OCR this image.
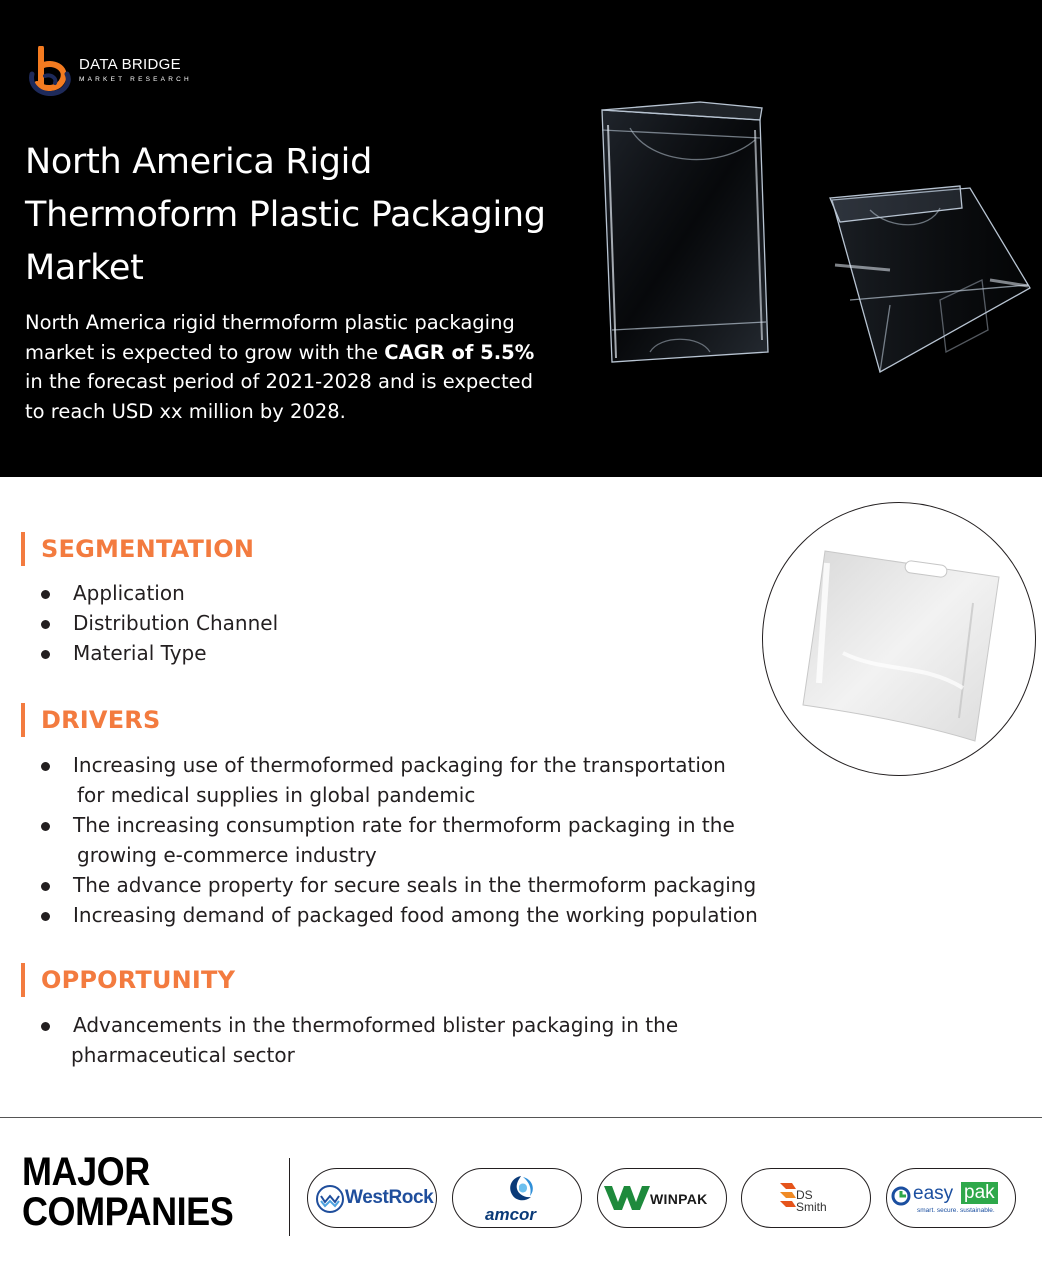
DATA BRIDGE
MARKET RESEARCH
North America Rigid Thermoform Plastic Packaging Market

North America rigid thermoform plastic packaging market is expected to grow with the CAGR of 5.5% in the forecast period of 2021-2028 and is expected to reach USD xx million by 2028.

SEGMENTATION
Application
Distribution Channel
Material Type
DRIVERS
Increasing use of thermoformed packaging for the transportation
for medical supplies in global pandemic
The increasing consumption rate for thermoform packaging in the
growing e-commerce industry
The advance property for secure seals in the thermoform packaging
Increasing demand of packaged food among the working population
OPPORTUNITY
Advancements in the thermoformed blister packaging in the
pharmaceutical sector
MAJOR
COMPANIES	WestRock
amcor
WINPAK	DS
Smith
easy pak
smart. secure. sustainable.
